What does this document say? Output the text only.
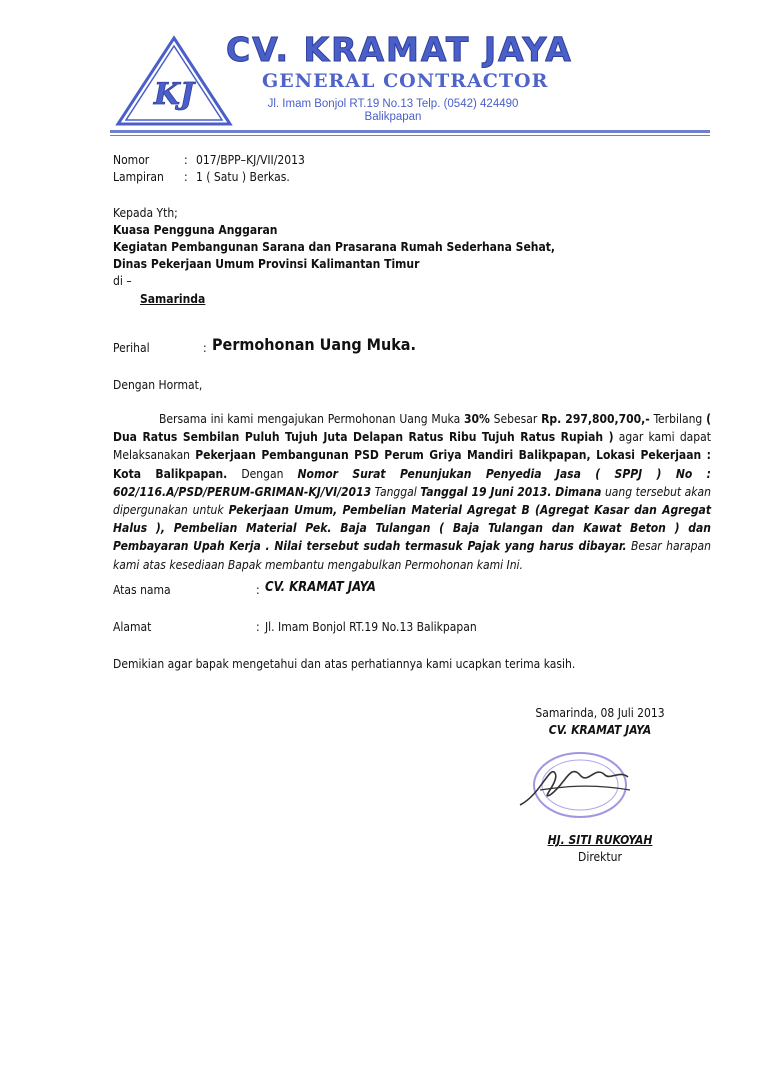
KJ
CV. KRAMAT JAYA
GENERAL CONTRACTOR
Jl. Imam Bonjol RT.19 No.13 Telp. (0542) 424490
Balikpapan
Nomor	: 017/BPP–KJ/VII/2013
Lampiran : 1 ( Satu ) Berkas.
Kepada Yth;
Kuasa Pengguna Anggaran
Kegiatan Pembangunan Sarana dan Prasarana Rumah Sederhana Sehat,
Dinas Pekerjaan Umum Provinsi Kalimantan Timur
di –
Samarinda
Perihal	: Permohonan Uang Muka.
Dengan Hormat,

Bersama ini kami mengajukan Permohonan Uang Muka 30% Sebesar Rp. 297,800,700,- Terbilang ( Dua Ratus Sembilan Puluh Tujuh Juta Delapan Ratus Ribu Tujuh Ratus Rupiah ) agar kami dapat Melaksanakan Pekerjaan Pembangunan PSD Perum Griya Mandiri Balikpapan, Lokasi Pekerjaan : Kota Balikpapan. Dengan Nomor Surat Penunjukan Penyedia Jasa ( SPPJ ) No : 602/116.A/PSD/PERUM-GRIMAN-KJ/VI/2013 Tanggal Tanggal 19 Juni 2013. Dimana uang tersebut akan dipergunakan untuk Pekerjaan Umum, Pembelian Material Agregat B (Agregat Kasar dan Agregat Halus ), Pembelian Material Pek. Baja Tulangan ( Baja Tulangan dan Kawat Beton ) dan Pembayaran Upah Kerja . Nilai tersebut sudah termasuk Pajak yang harus dibayar. Besar harapan kami atas kesediaan Bapak membantu mengabulkan Permohonan kami Ini.

Atas nama	: CV. KRAMAT JAYA
Alamat	: Jl. Imam Bonjol RT.19 No.13 Balikpapan
Demikian agar bapak mengetahui dan atas perhatiannya kami ucapkan terima kasih.
Samarinda, 08 Juli 2013
CV. KRAMAT JAYA
HJ. SITI RUKOYAH
Direktur
